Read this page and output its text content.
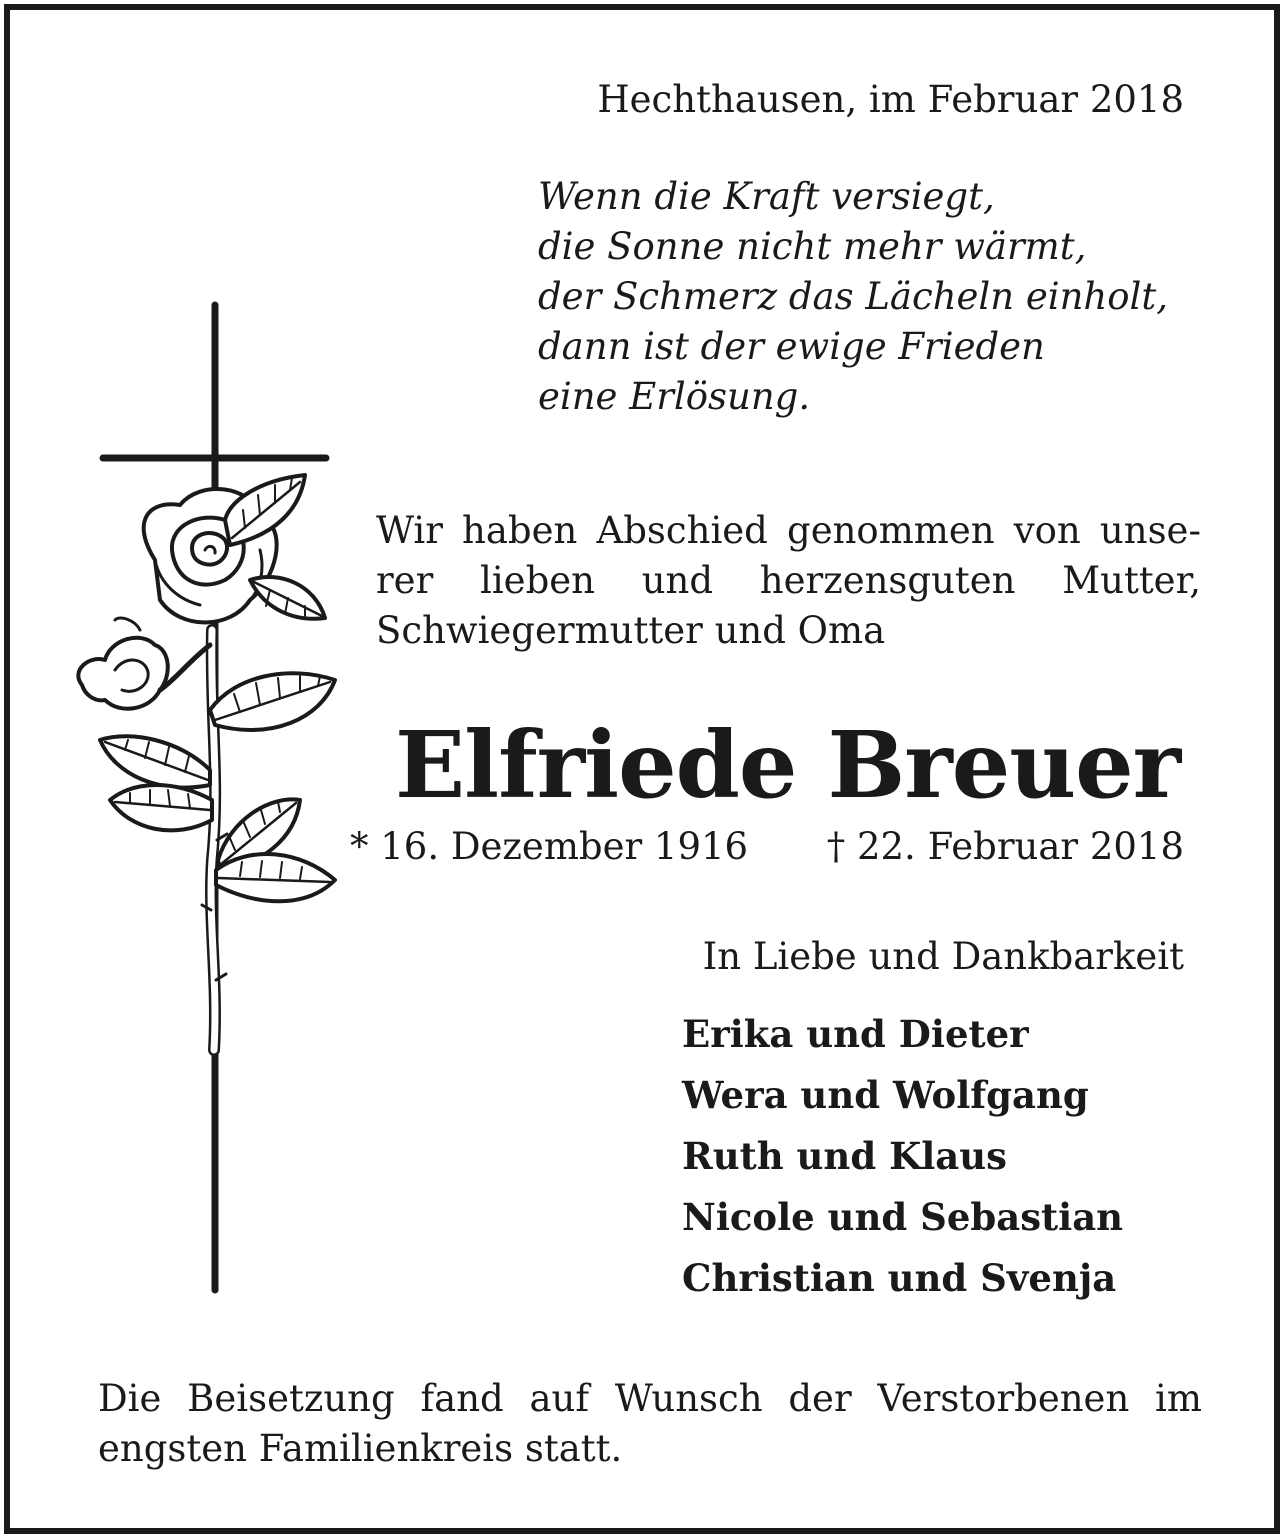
Hechthausen, im Februar 2018
Wenn die Kraft versiegt,
die Sonne nicht mehr wärmt,
der Schmerz das Lächeln einholt,
dann ist der ewige Frieden
eine Erlösung.
Wir haben Abschied genommen von unse-
rer lieben und herzensguten Mutter,
Schwiegermutter und Oma
Elfriede Breuer
* 16. Dezember 1916 † 22. Februar 2018
In Liebe und Dankbarkeit
Erika und Dieter
Wera und Wolfgang
Ruth und Klaus
Nicole und Sebastian
Christian und Svenja
Die Beisetzung fand auf Wunsch der Verstorbenen im
engsten Familienkreis statt.
